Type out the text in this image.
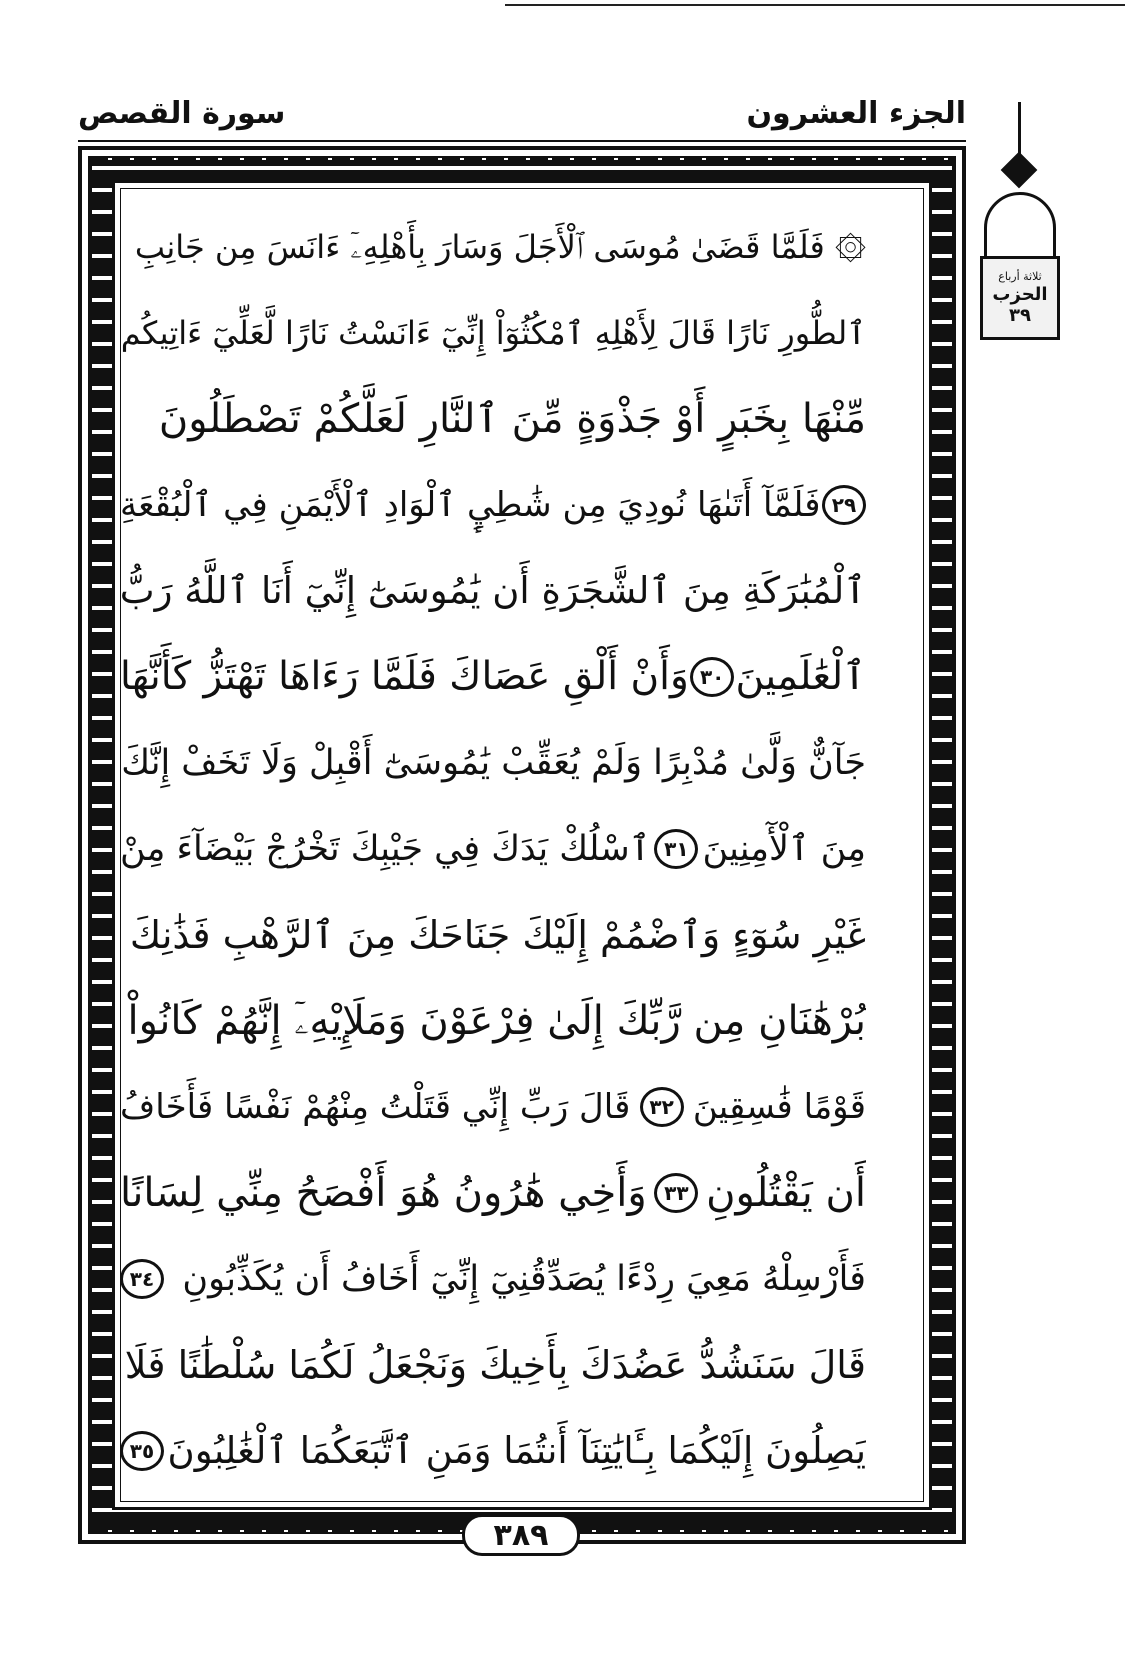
الجزء العشرون
سورة القصص
ثلاثة أرباع
الحزب
٣٩
۞ فَلَمَّا قَضَىٰ مُوسَى ٱلْأَجَلَ وَسَارَ بِأَهْلِهِۦٓ ءَانَسَ مِن جَانِبِ
ٱلطُّورِ نَارًا قَالَ لِأَهْلِهِ ٱمْكُثُوٓاْ إِنِّيٓ ءَانَسْتُ نَارًا لَّعَلِّيٓ ءَاتِيكُم
مِّنْهَا بِخَبَرٍ أَوْ جَذْوَةٍ مِّنَ ٱلنَّارِ لَعَلَّكُمْ تَصْطَلُونَ
٢٩
فَلَمَّآ أَتَىٰهَا نُودِيَ مِن شَٰطِيِٕ ٱلْوَادِ ٱلْأَيْمَنِ فِي ٱلْبُقْعَةِ
ٱلْمُبَٰرَكَةِ مِنَ ٱلشَّجَرَةِ أَن يَٰمُوسَىٰٓ إِنِّيٓ أَنَا ٱللَّهُ رَبُّ
ٱلْعَٰلَمِينَ
٣٠
وَأَنْ أَلْقِ عَصَاكَ فَلَمَّا رَءَاهَا تَهْتَزُّ كَأَنَّهَا
جَآنٌّ وَلَّىٰ مُدْبِرًا وَلَمْ يُعَقِّبْ يَٰمُوسَىٰٓ أَقْبِلْ وَلَا تَخَفْ إِنَّكَ
مِنَ ٱلْأٓمِنِينَ
٣١
ٱسْلُكْ يَدَكَ فِي جَيْبِكَ تَخْرُجْ بَيْضَآءَ مِنْ
غَيْرِ سُوٓءٍ وَٱضْمُمْ إِلَيْكَ جَنَاحَكَ مِنَ ٱلرَّهْبِ فَذَٰنِكَ
بُرْهَٰنَانِ مِن رَّبِّكَ إِلَىٰ فِرْعَوْنَ وَمَلَإِيْهِۦٓ إِنَّهُمْ كَانُواْ
قَوْمًا فَٰسِقِينَ
٣٢
قَالَ رَبِّ إِنِّي قَتَلْتُ مِنْهُمْ نَفْسًا فَأَخَافُ
أَن يَقْتُلُونِ
٣٣
وَأَخِي هَٰرُونُ هُوَ أَفْصَحُ مِنِّي لِسَانًا
فَأَرْسِلْهُ مَعِيَ رِدْءًا يُصَدِّقُنِيٓ إِنِّيٓ أَخَافُ أَن يُكَذِّبُونِ
٣٤
قَالَ سَنَشُدُّ عَضُدَكَ بِأَخِيكَ وَنَجْعَلُ لَكُمَا سُلْطَٰنًا فَلَا
يَصِلُونَ إِلَيْكُمَا بِـَٔايَٰتِنَآ أَنتُمَا وَمَنِ ٱتَّبَعَكُمَا ٱلْغَٰلِبُونَ
٣٥
٣٨٩
